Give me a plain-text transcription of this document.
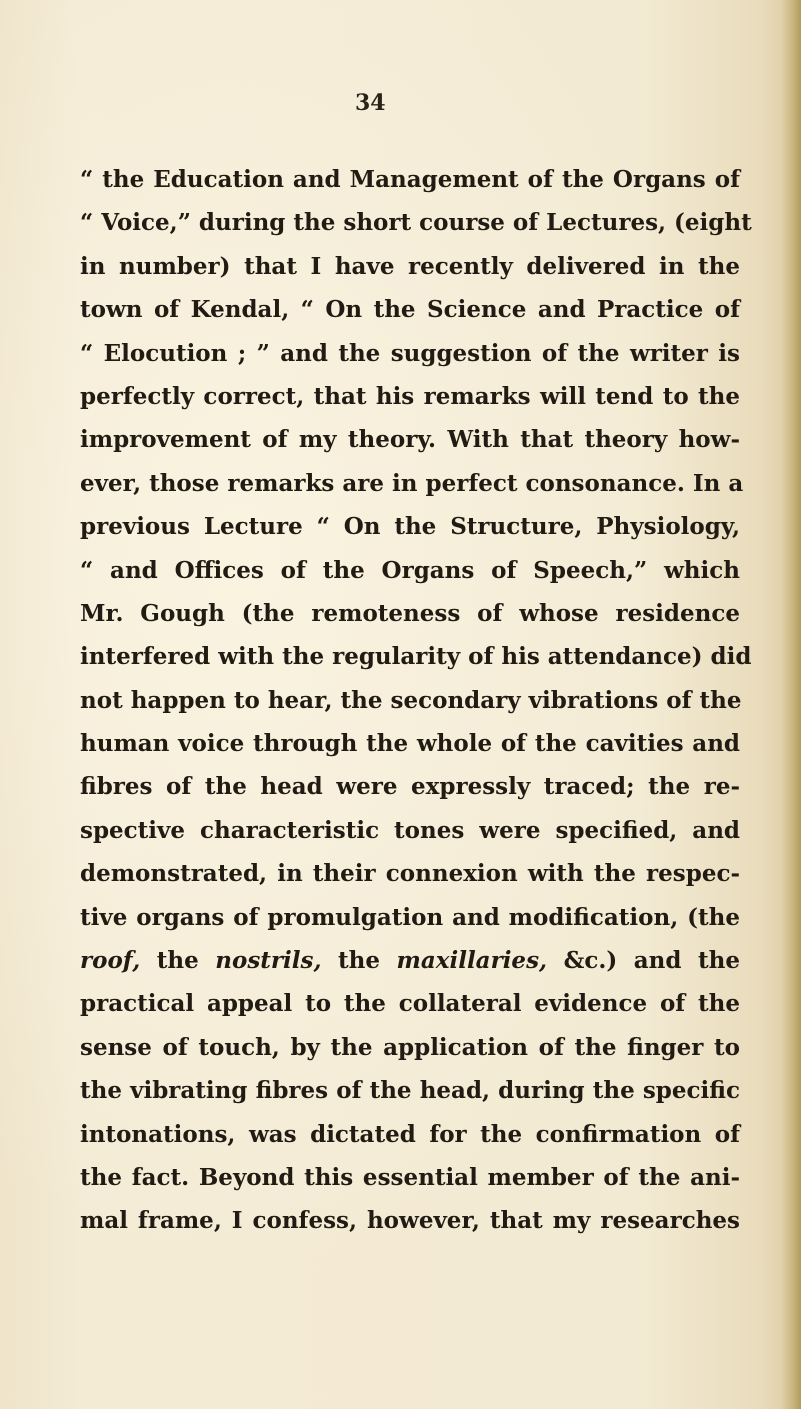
34
“ the Education and Management of the Organs of
“ Voice,” during the short course of Lectures, (eight
in number) that I have recently delivered in the
town of Kendal, “ On the Science and Practice of
“ Elocution ; ” and the suggestion of the writer is
perfectly correct, that his remarks will tend to the
improvement of my theory. With that theory how-
ever, those remarks are in perfect consonance. In a
previous Lecture “ On the Structure, Physiology,
“ and Offices of the Organs of Speech,” which
Mr. Gough (the remoteness of whose residence
interfered with the regularity of his attendance) did
not happen to hear, the secondary vibrations of the
human voice through the whole of the cavities and
fibres of the head were expressly traced; the re-
spective characteristic tones were specified, and
demonstrated, in their connexion with the respec-
tive organs of promulgation and modification, (the
roof, the nostrils, the maxillaries, &c.) and the
practical appeal to the collateral evidence of the
sense of touch, by the application of the finger to
the vibrating fibres of the head, during the specific
intonations, was dictated for the confirmation of
the fact. Beyond this essential member of the ani-
mal frame, I confess, however, that my researches
